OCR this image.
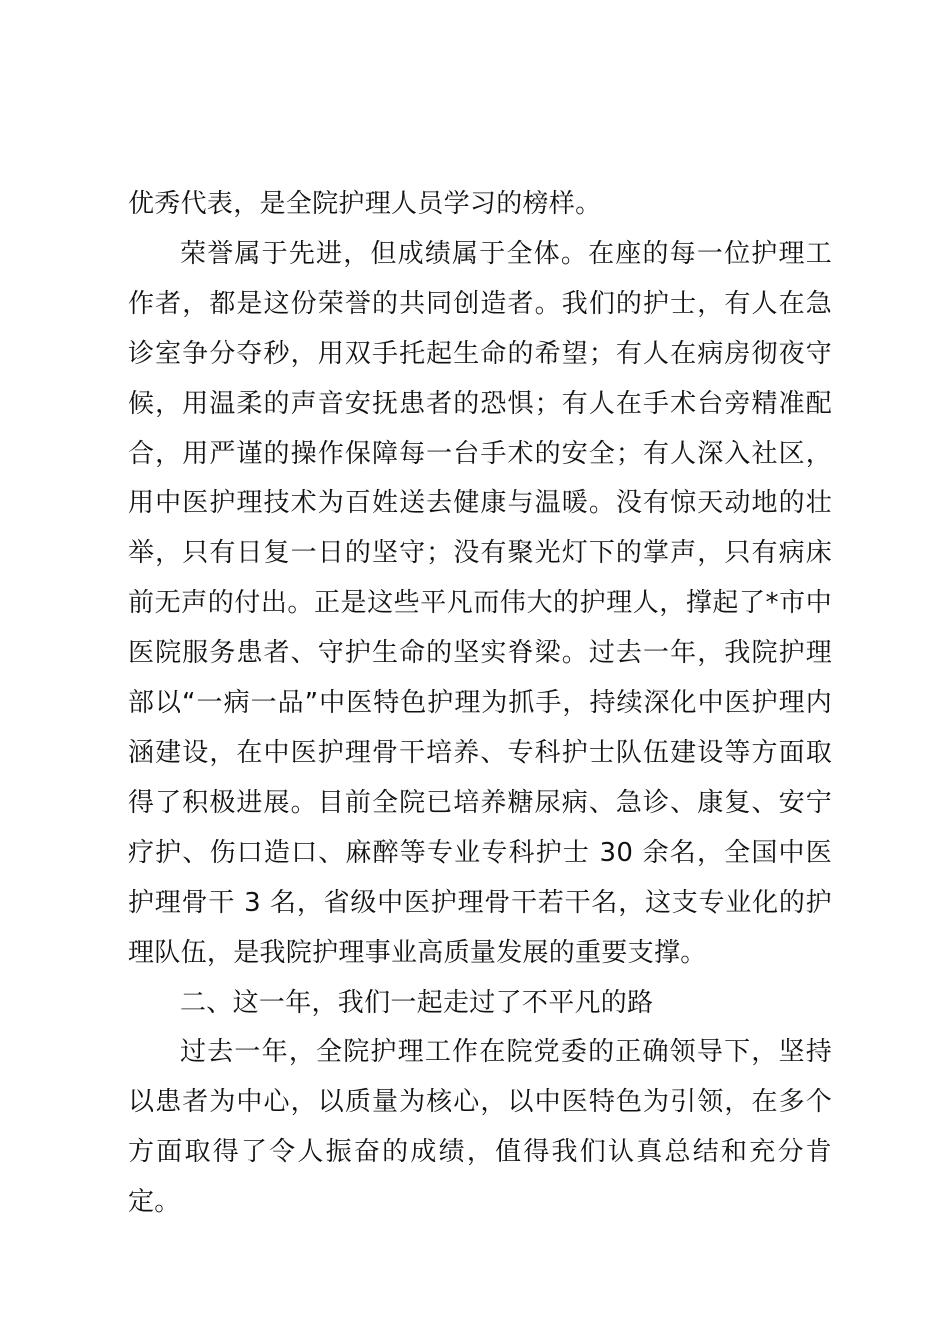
优秀代表，是全院护理人员学习的榜样。

荣誉属于先进，但成绩属于全体。在座的每一位护理工作者，都是这份荣誉的共同创造者。我们的护士，有人在急诊室争分夺秒，用双手托起生命的希望；有人在病房彻夜守候，用温柔的声音安抚患者的恐惧；有人在手术台旁精准配合，用严谨的操作保障每一台手术的安全；有人深入社区，用中医护理技术为百姓送去健康与温暖。没有惊天动地的壮举，只有日复一日的坚守；没有聚光灯下的掌声，只有病床前无声的付出。正是这些平凡而伟大的护理人，撑起了*市中医院服务患者、守护生命的坚实脊梁。过去一年，我院护理部以“一病一品”中医特色护理为抓手，持续深化中医护理内涵建设，在中医护理骨干培养、专科护士队伍建设等方面取得了积极进展。目前全院已培养糖尿病、急诊、康复、安宁疗护、伤口造口、麻醉等专业专科护士 30 余名，全国中医护理骨干 3 名，省级中医护理骨干若干名，这支专业化的护理队伍，是我院护理事业高质量发展的重要支撑。

二、这一年，我们一起走过了不平凡的路

过去一年，全院护理工作在院党委的正确领导下，坚持以患者为中心，以质量为核心，以中医特色为引领，在多个方面取得了令人振奋的成绩，值得我们认真总结和充分肯定。
